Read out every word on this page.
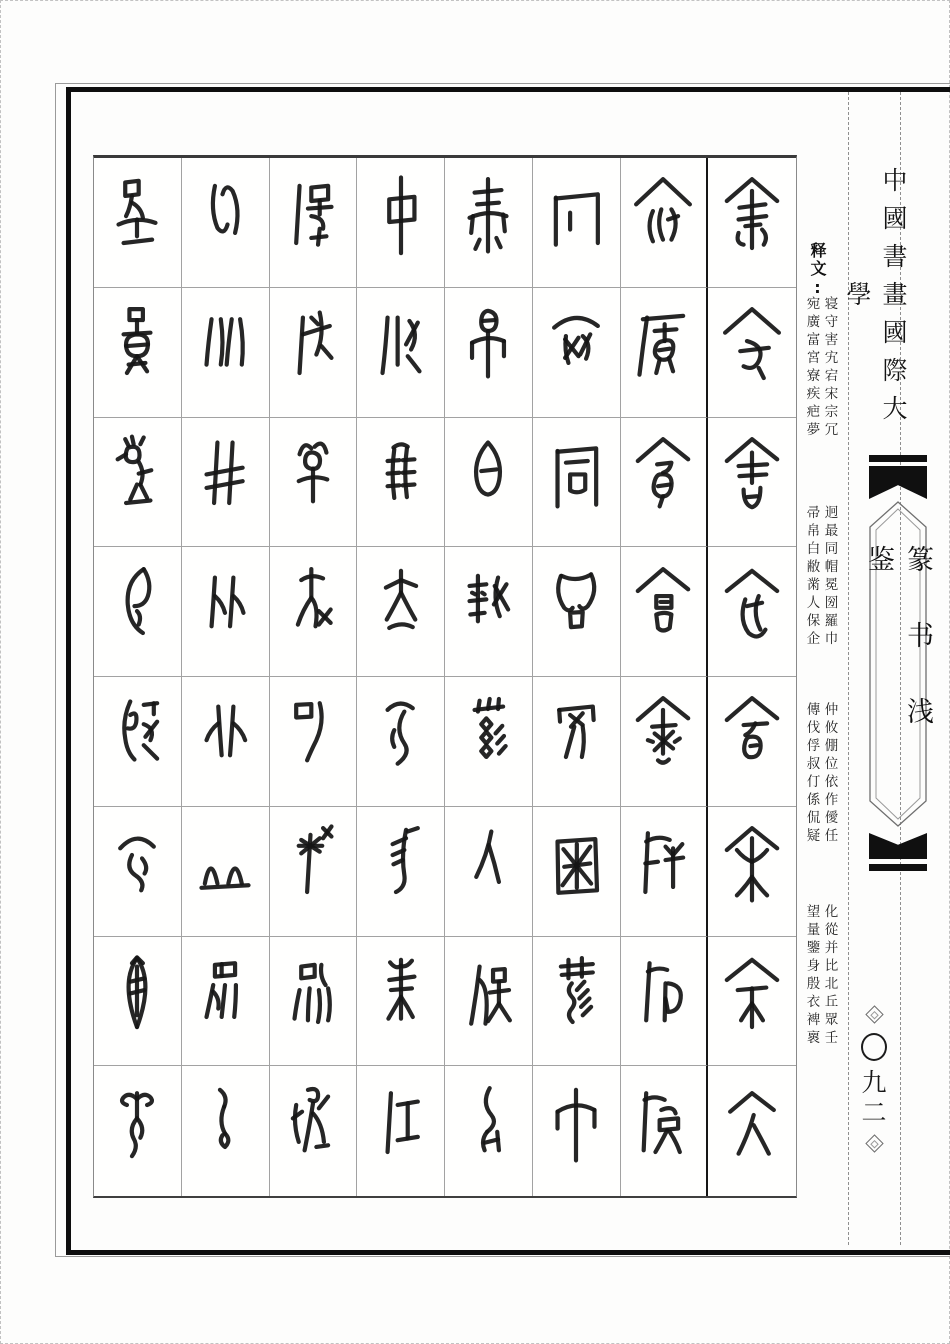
释文:
寝守害宄宕宋宗冗
宛廣富宮寮疾疤夢
迥最同帽冕圀羅巾
帚帛白敝黹人保企
仲攸倗位依作僾任
傳伐俘叔仃係侃疑
化從并比北丘眾壬
望量鑒身殷衣裨褱
中國書畫國際大學
篆书浅鉴
九
二
